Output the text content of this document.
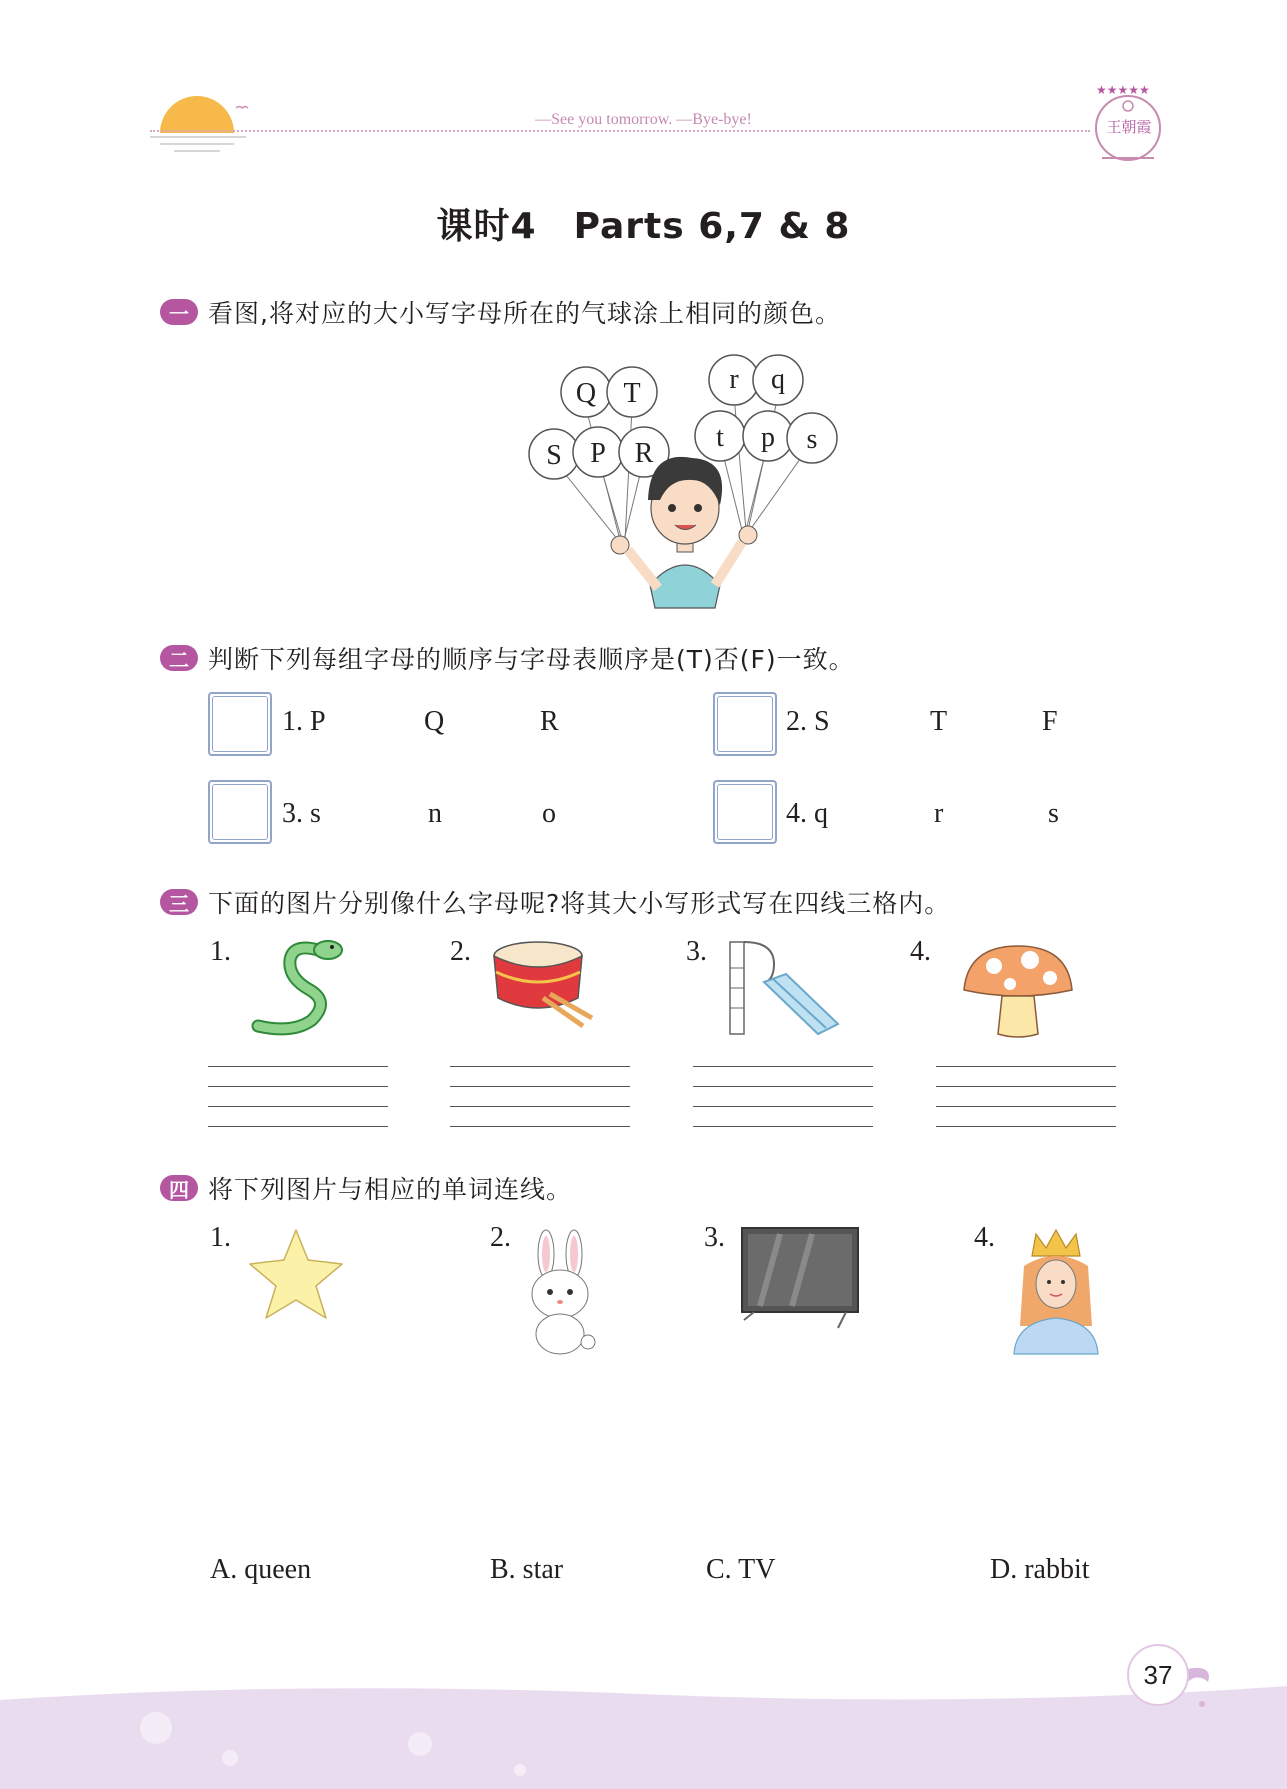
—See you tomorrow. —Bye-bye!
★★★★★
王朝霞
课时4　Parts 6,7 & 8
一 看图,将对应的大小写字母所在的气球涂上相同的颜色。
Q T
S P R
r q
t p s
二 判断下列每组字母的顺序与字母表顺序是(T)否(F)一致。
1. P	Q	R	2. S	T	F
3. s	n	o	4. q	r	s
三 下面的图片分别像什么字母呢?将其大小写形式写在四线三格内。
1.	2.	3.	4.
四 将下列图片与相应的单词连线。
1.	2.	3.	4.
A. queen	B. star	C. TV	D. rabbit
37
